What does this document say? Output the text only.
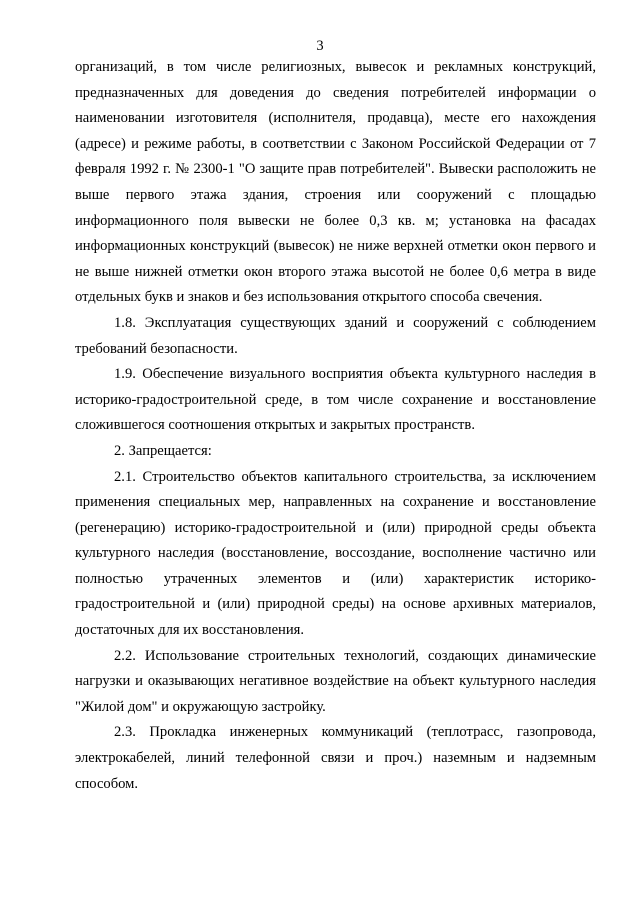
3

организаций, в том числе религиозных, вывесок и рекламных конструкций, предназначенных для доведения до сведения потребителей информации о наименовании изготовителя (исполнителя, продавца), месте его нахождения (адресе) и режиме работы, в соответствии с Законом Российской Федерации от 7 февраля 1992 г. № 2300-1 "О защите прав потребителей". Вывески расположить не выше первого этажа здания, строения или сооружений с площадью информационного поля вывески не более 0,3 кв. м; установка на фасадах информационных конструкций (вывесок) не ниже верхней отметки окон первого и не выше нижней отметки окон второго этажа высотой не более 0,6 метра в виде отдельных букв и знаков и без использования открытого способа свечения.

1.8. Эксплуатация существующих зданий и сооружений с соблюдением требований безопасности.

1.9. Обеспечение визуального восприятия объекта культурного наследия в историко-градостроительной среде, в том числе сохранение и восстановление сложившегося соотношения открытых и закрытых пространств.

2. Запрещается:

2.1. Строительство объектов капитального строительства, за исключением применения специальных мер, направленных на сохранение и восстановление (регенерацию) историко-градостроительной и (или) природной среды объекта культурного наследия (восстановление, воссоздание, восполнение частично или полностью утраченных элементов и (или) характеристик историко-градостроительной и (или) природной среды) на основе архивных материалов, достаточных для их восстановления.

2.2. Использование строительных технологий, создающих динамические нагрузки и оказывающих негативное воздействие на объект культурного наследия "Жилой дом" и окружающую застройку.

2.3. Прокладка инженерных коммуникаций (теплотрасс, газопровода, электрокабелей, линий телефонной связи и проч.) наземным и надземным способом.
